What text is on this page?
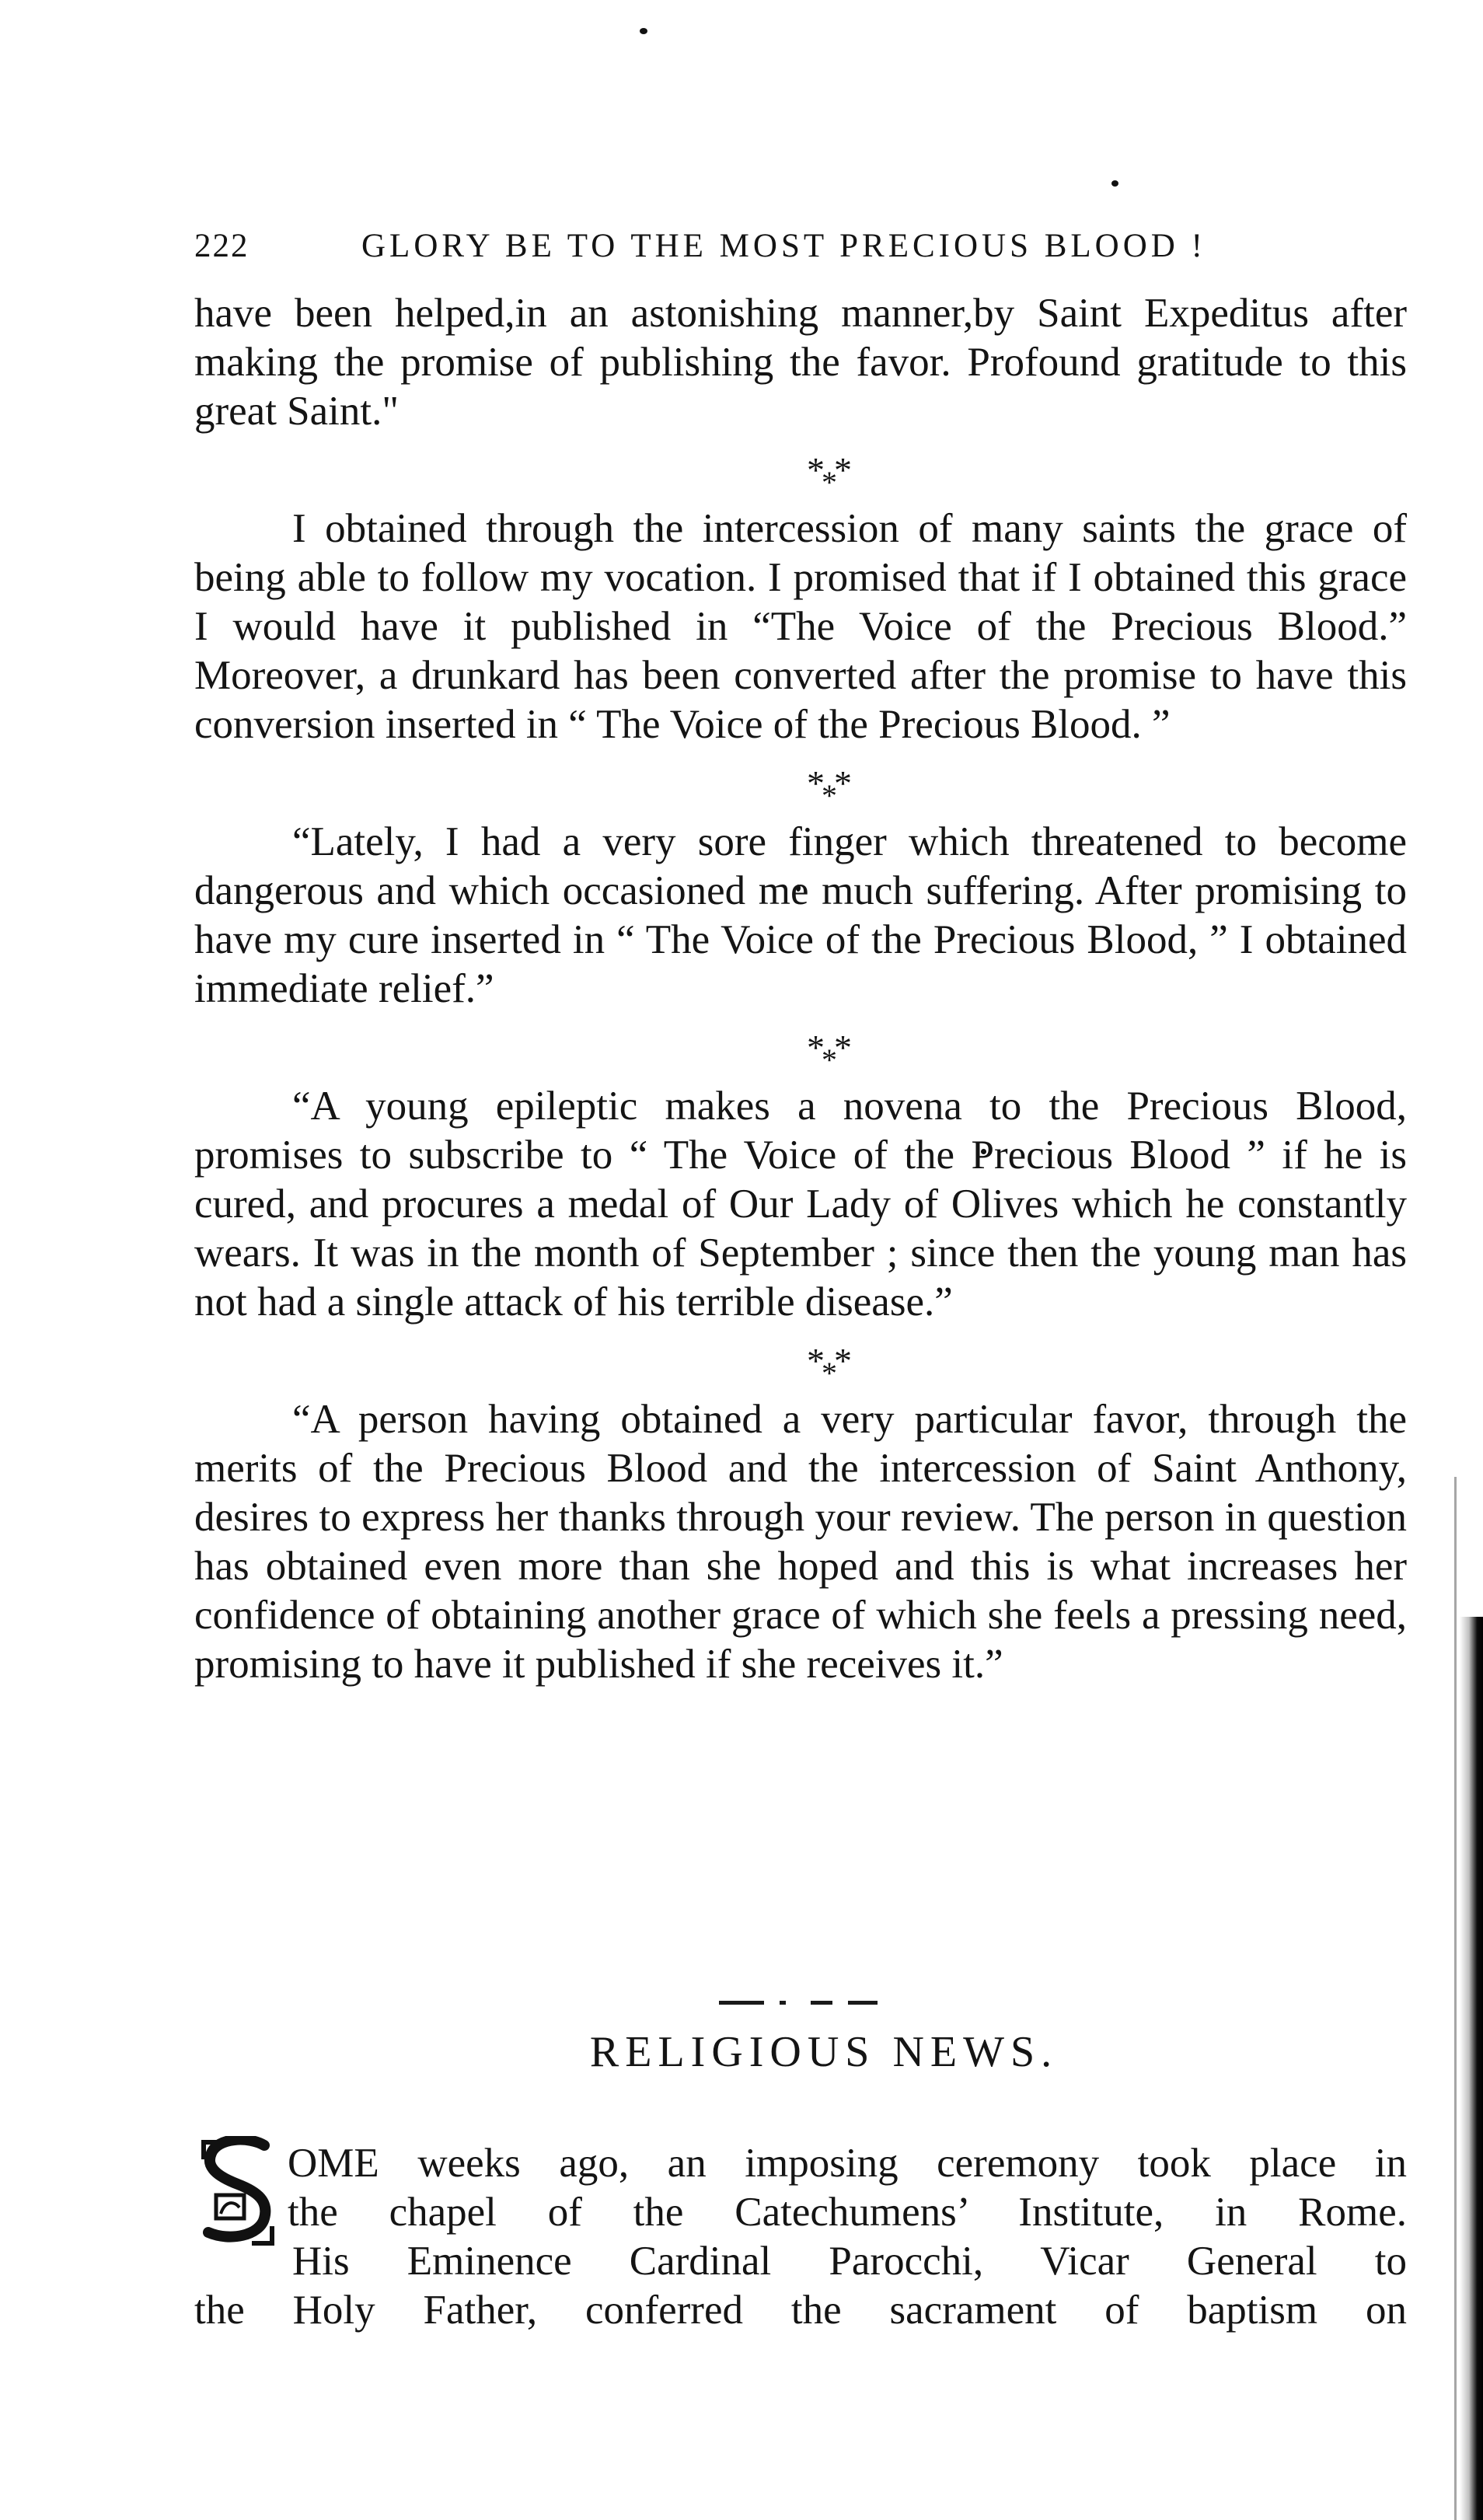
222	GLORY BE TO THE MOST PRECIOUS BLOOD !

have been helped,in an astonishing manner,by Saint Expeditus after making the promise of publishing the favor. Profound gratitude to this great Saint."

***

I obtained through the intercession of many saints the grace of being able to follow my vocation. I promised that if I obtained this grace I would have it published in “The Voice of the Precious Blood.” Moreover, a drunkard has been converted after the promise to have this conversion inserted in “ The Voice of the Precious Blood. ”

***

“Lately, I had a very sore finger which threatened to become dangerous and which occasioned me much suffering. After promising to have my cure inserted in “ The Voice of the Precious Blood, ” I obtained immediate relief.”

***

“A young epileptic makes a novena to the Precious Blood, promises to subscribe to “ The Voice of the Precious Blood ” if he is cured, and procures a medal of Our Lady of Olives which he constantly wears. It was in the month of September ; since then the young man has not had a single attack of his terrible disease.”

***

“A person having obtained a very particular favor, through the merits of the Precious Blood and the intercession of Saint Anthony, desires to express her thanks through your review. The person in question has obtained even more than she hoped and this is what increases her confidence of obtaining another grace of which she feels a pressing need, promising to have it published if she receives it.”

RELIGIOUS NEWS.
OME weeks ago, an imposing ceremony took place in
the chapel of the Catechumens’ Institute, in Rome.
His Eminence Cardinal Parocchi, Vicar General to
the Holy Father, conferred the sacrament of baptism on
